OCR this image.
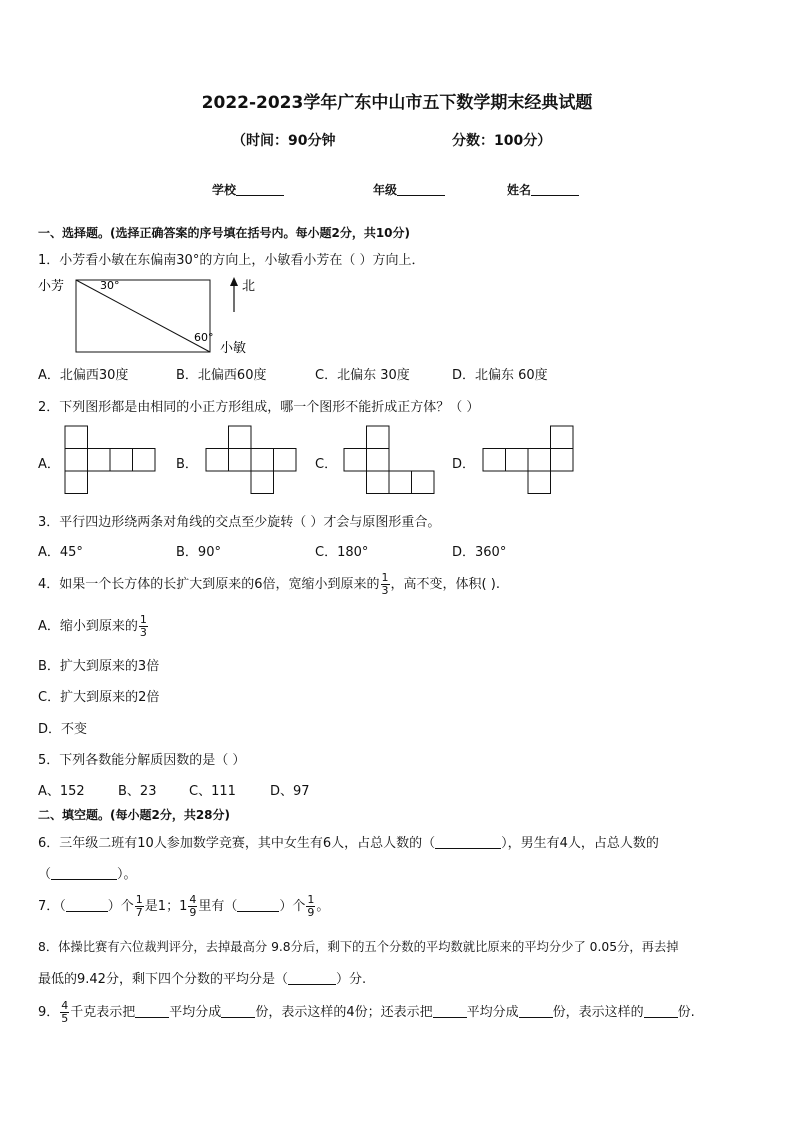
2022-2023学年广东中山市五下数学期末经典试题
（时间：90分钟	分数：100分）
学校	年级	姓名
一、选择题。(选择正确答案的序号填在括号内。每小题2分，共10分)
1．小芳看小敏在东偏南30°的方向上，小敏看小芳在（ ）方向上．
小芳	30°
60°
小敏
北
A．北偏西30度	B．北偏西60度	C．北偏东 30度	D．北偏东 60度
2．下列图形都是由相同的小正方形组成，哪一个图形不能折成正方体？（ ）
A．	B．	C．	D．
3．平行四边形绕两条对角线的交点至少旋转（ ）才会与原图形重合。
A．45°	B．90°	C．180°	D．360°
4．如果一个长方体的长扩大到原来的6倍，宽缩小到原来的 $\frac{1}{3}$ ，高不变，体积( ).
A．缩小到原来的 $\frac{1}{3}$
B．扩大到原来的3倍
C．扩大到原来的2倍
D．不变
5．下列各数能分解质因数的是（ ）
A、152	B、23	C、111	D、97
二、填空题。(每小题2分，共28分)
6．三年级二班有10人参加数学竞赛，其中女生有6人，占总人数的（	），男生有4人，占总人数的
（	）。
7．（	）个 $\frac{1}{7}$ 是1；$1 \frac{4}{9}$ 里有（	）个 $\frac{1}{9}$ 。
8．体操比赛有六位裁判评分，去掉最高分 9.8分后，剩下的五个分数的平均数就比原来的平均分少了 0.05分，再去掉
最低的9.42分，剩下四个分数的平均分是（	）分.
9． $\frac{4}{5}$ 千克表示把	平均分成	份，表示这样的4份；还表示把	平均分成	份，表示这样的	份.
